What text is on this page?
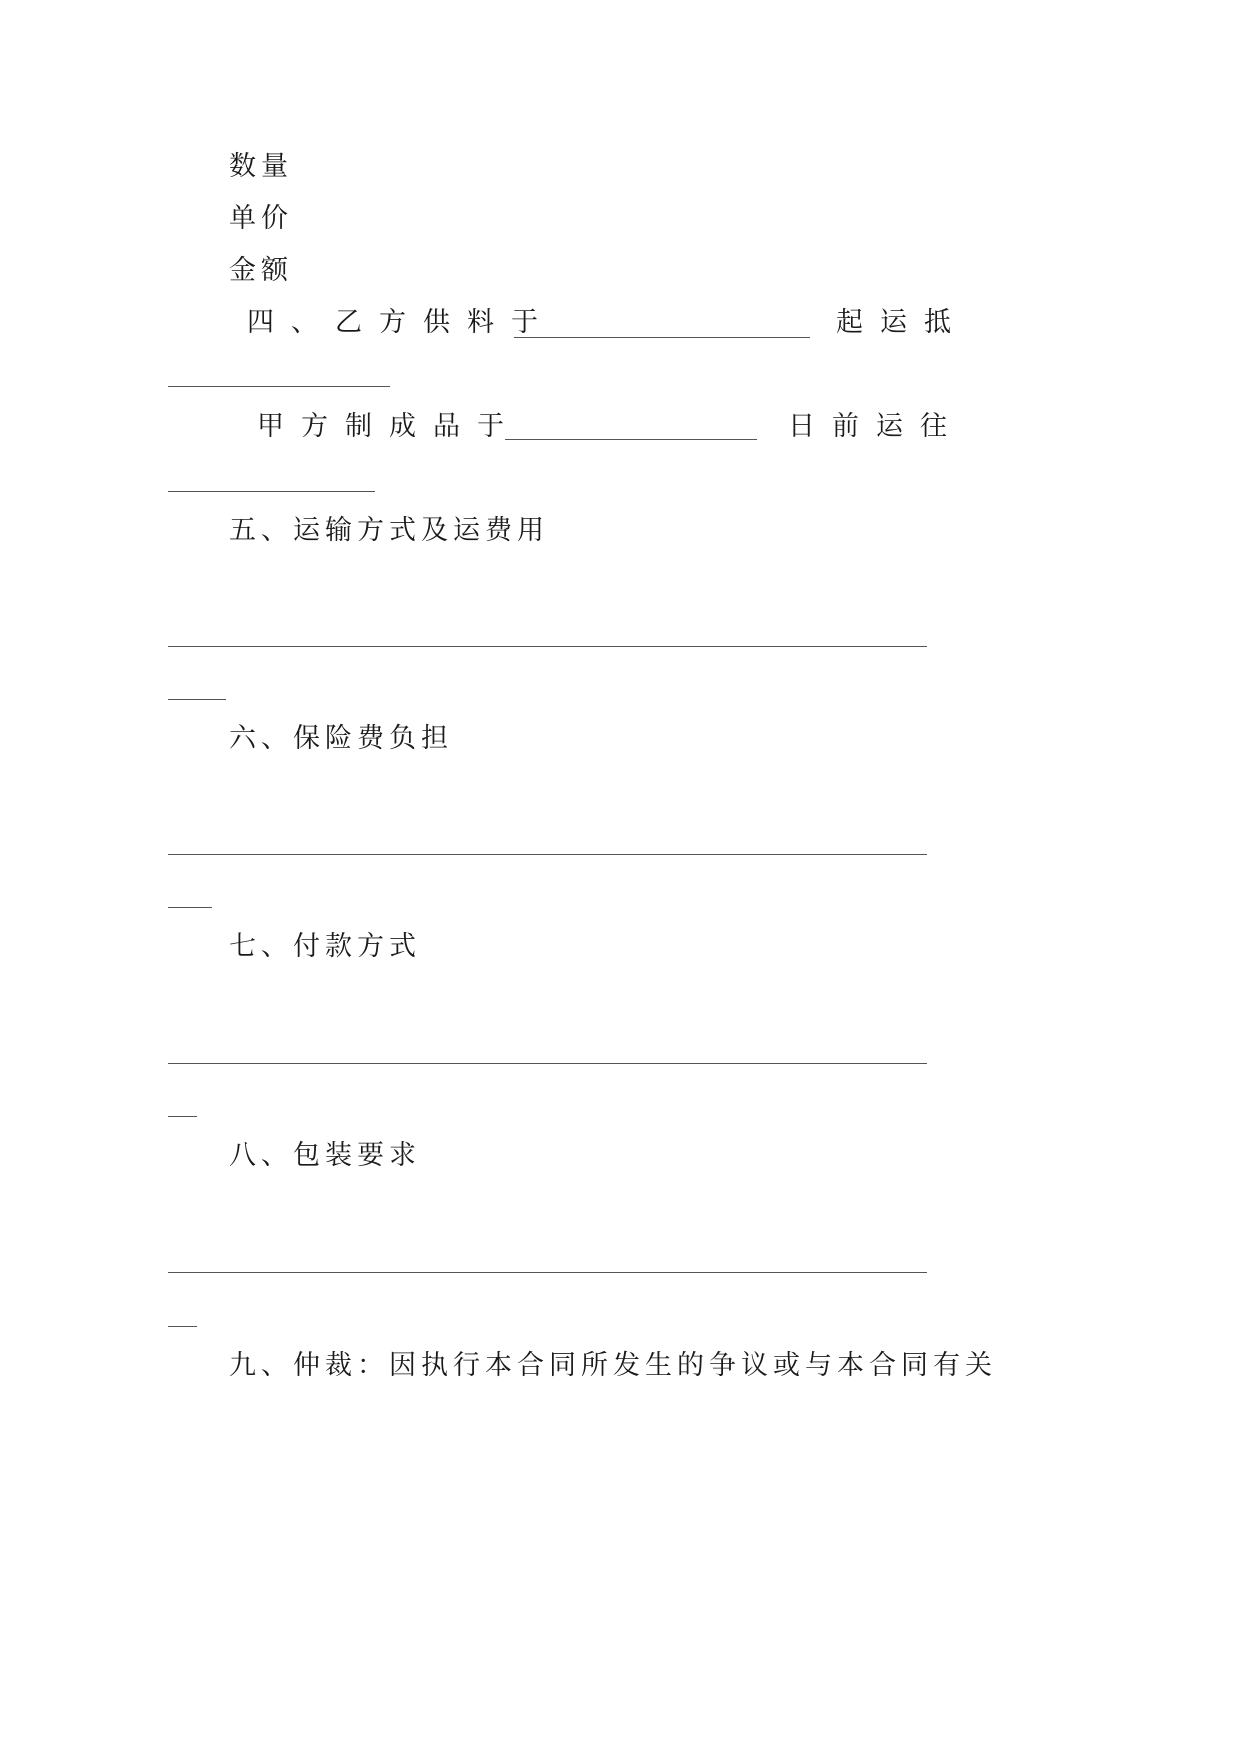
数量
单价
金额
四、乙方供料于	起运抵
甲方制成品于	日前运往
五、运输方式及运费用
六、保险费负担
七、付款方式
八、包装要求
九、仲裁：因执行本合同所发生的争议或与本合同有关
